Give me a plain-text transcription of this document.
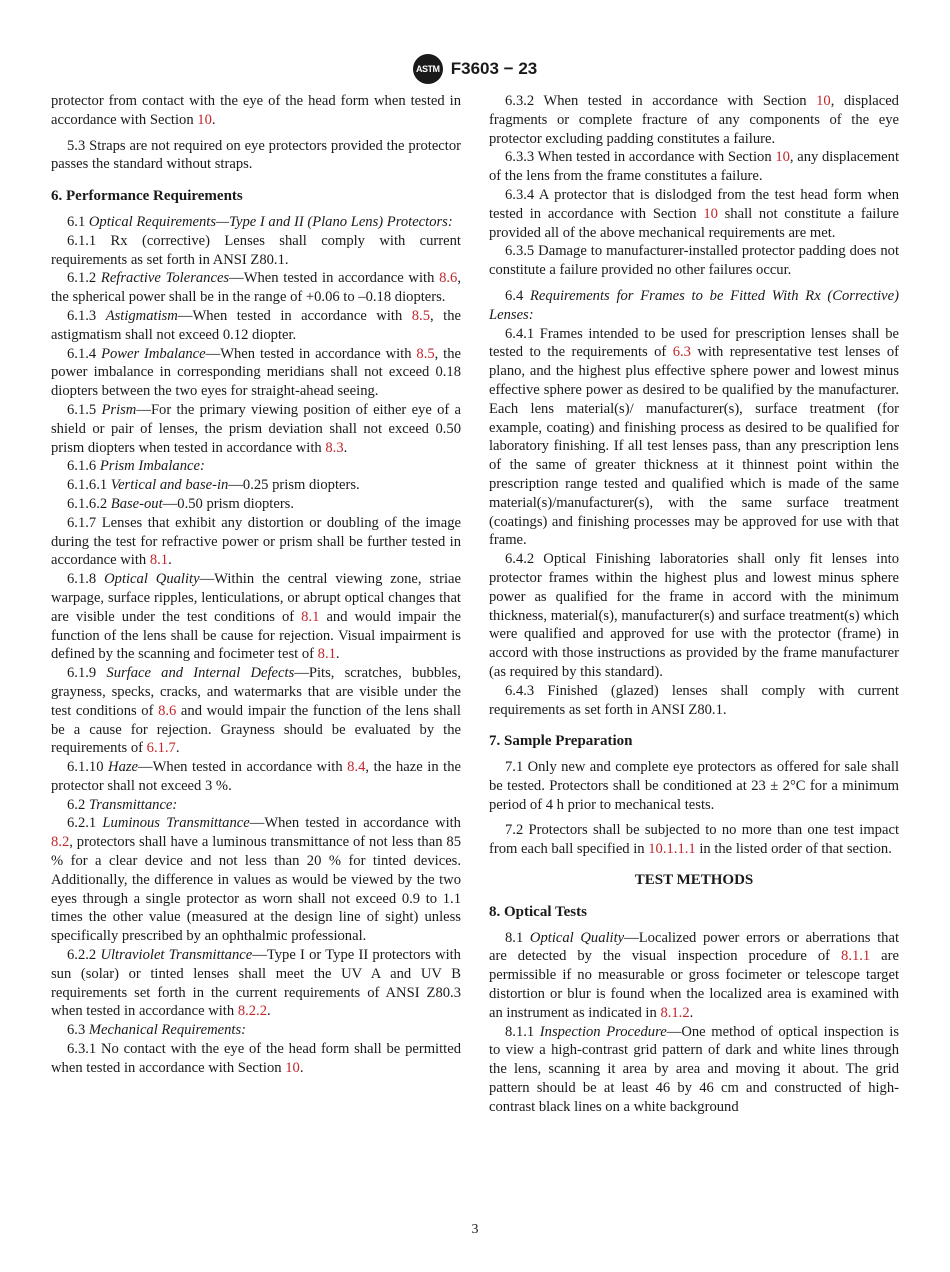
ASTM F3603 − 23

protector from contact with the eye of the head form when tested in accordance with Section 10.

5.3 Straps are not required on eye protectors provided the protector passes the standard without straps.

6. Performance Requirements

6.1 Optical Requirements—Type I and II (Plano Lens) Protectors:

6.1.1 Rx (corrective) Lenses shall comply with current requirements as set forth in ANSI Z80.1.

6.1.2 Refractive Tolerances—When tested in accordance with 8.6, the spherical power shall be in the range of +0.06 to –0.18 diopters.

6.1.3 Astigmatism—When tested in accordance with 8.5, the astigmatism shall not exceed 0.12 diopter.

6.1.4 Power Imbalance—When tested in accordance with 8.5, the power imbalance in corresponding meridians shall not exceed 0.18 diopters between the two eyes for straight-ahead seeing.

6.1.5 Prism—For the primary viewing position of either eye of a shield or pair of lenses, the prism deviation shall not exceed 0.50 prism diopters when tested in accordance with 8.3.

6.1.6 Prism Imbalance:

6.1.6.1 Vertical and base-in—0.25 prism diopters.

6.1.6.2 Base-out—0.50 prism diopters.

6.1.7 Lenses that exhibit any distortion or doubling of the image during the test for refractive power or prism shall be further tested in accordance with 8.1.

6.1.8 Optical Quality—Within the central viewing zone, striae warpage, surface ripples, lenticulations, or abrupt optical changes that are visible under the test conditions of 8.1 and would impair the function of the lens shall be cause for rejection. Visual impairment is defined by the scanning and focimeter test of 8.1.

6.1.9 Surface and Internal Defects—Pits, scratches, bubbles, grayness, specks, cracks, and watermarks that are visible under the test conditions of 8.6 and would impair the function of the lens shall be a cause for rejection. Grayness should be evaluated by the requirements of 6.1.7.

6.1.10 Haze—When tested in accordance with 8.4, the haze in the protector shall not exceed 3 %.

6.2 Transmittance:

6.2.1 Luminous Transmittance—When tested in accordance with 8.2, protectors shall have a luminous transmittance of not less than 85 % for a clear device and not less than 20 % for tinted devices. Additionally, the difference in values as would be viewed by the two eyes through a single protector as worn shall not exceed 0.9 to 1.1 times the other value (measured at the design line of sight) unless specifically prescribed by an ophthalmic professional.

6.2.2 Ultraviolet Transmittance—Type I or Type II protectors with sun (solar) or tinted lenses shall meet the UV A and UV B requirements set forth in the current requirements of ANSI Z80.3 when tested in accordance with 8.2.2.

6.3 Mechanical Requirements:

6.3.1 No contact with the eye of the head form shall be permitted when tested in accordance with Section 10.

6.3.2 When tested in accordance with Section 10, displaced fragments or complete fracture of any components of the eye protector excluding padding constitutes a failure.

6.3.3 When tested in accordance with Section 10, any displacement of the lens from the frame constitutes a failure.

6.3.4 A protector that is dislodged from the test head form when tested in accordance with Section 10 shall not constitute a failure provided all of the above mechanical requirements are met.

6.3.5 Damage to manufacturer-installed protector padding does not constitute a failure provided no other failures occur.

6.4 Requirements for Frames to be Fitted With Rx (Corrective) Lenses:

6.4.1 Frames intended to be used for prescription lenses shall be tested to the requirements of 6.3 with representative test lenses of plano, and the highest plus effective sphere power and lowest minus effective sphere power as desired to be qualified by the manufacturer. Each lens material(s)/ manufacturer(s), surface treatment (for example, coating) and finishing process as desired to be qualified for laboratory finishing. If all test lenses pass, than any prescription lens of the same of greater thickness at it thinnest point within the prescription range tested and qualified which is made of the same material(s)/manufacturer(s), with the same surface treatment (coatings) and finishing processes may be approved for use with that frame.

6.4.2 Optical Finishing laboratories shall only fit lenses into protector frames within the highest plus and lowest minus sphere power as qualified for the frame in accord with the minimum thickness, material(s), manufacturer(s) and surface treatment(s) which were qualified and approved for use with the protector (frame) in accord with those instructions as provided by the frame manufacturer (as required by this standard).

6.4.3 Finished (glazed) lenses shall comply with current requirements as set forth in ANSI Z80.1.

7. Sample Preparation

7.1 Only new and complete eye protectors as offered for sale shall be tested. Protectors shall be conditioned at 23 ± 2°C for a minimum period of 4 h prior to mechanical tests.

7.2 Protectors shall be subjected to no more than one test impact from each ball specified in 10.1.1.1 in the listed order of that section.

TEST METHODS
8. Optical Tests

8.1 Optical Quality—Localized power errors or aberrations that are detected by the visual inspection procedure of 8.1.1 are permissible if no measurable or gross focimeter or telescope target distortion or blur is found when the localized area is examined with an instrument as indicated in 8.1.2.

8.1.1 Inspection Procedure—One method of optical inspection is to view a high-contrast grid pattern of dark and white lines through the lens, scanning it area by area and moving it about. The grid pattern should be at least 46 by 46 cm and constructed of high-contrast black lines on a white background

3
